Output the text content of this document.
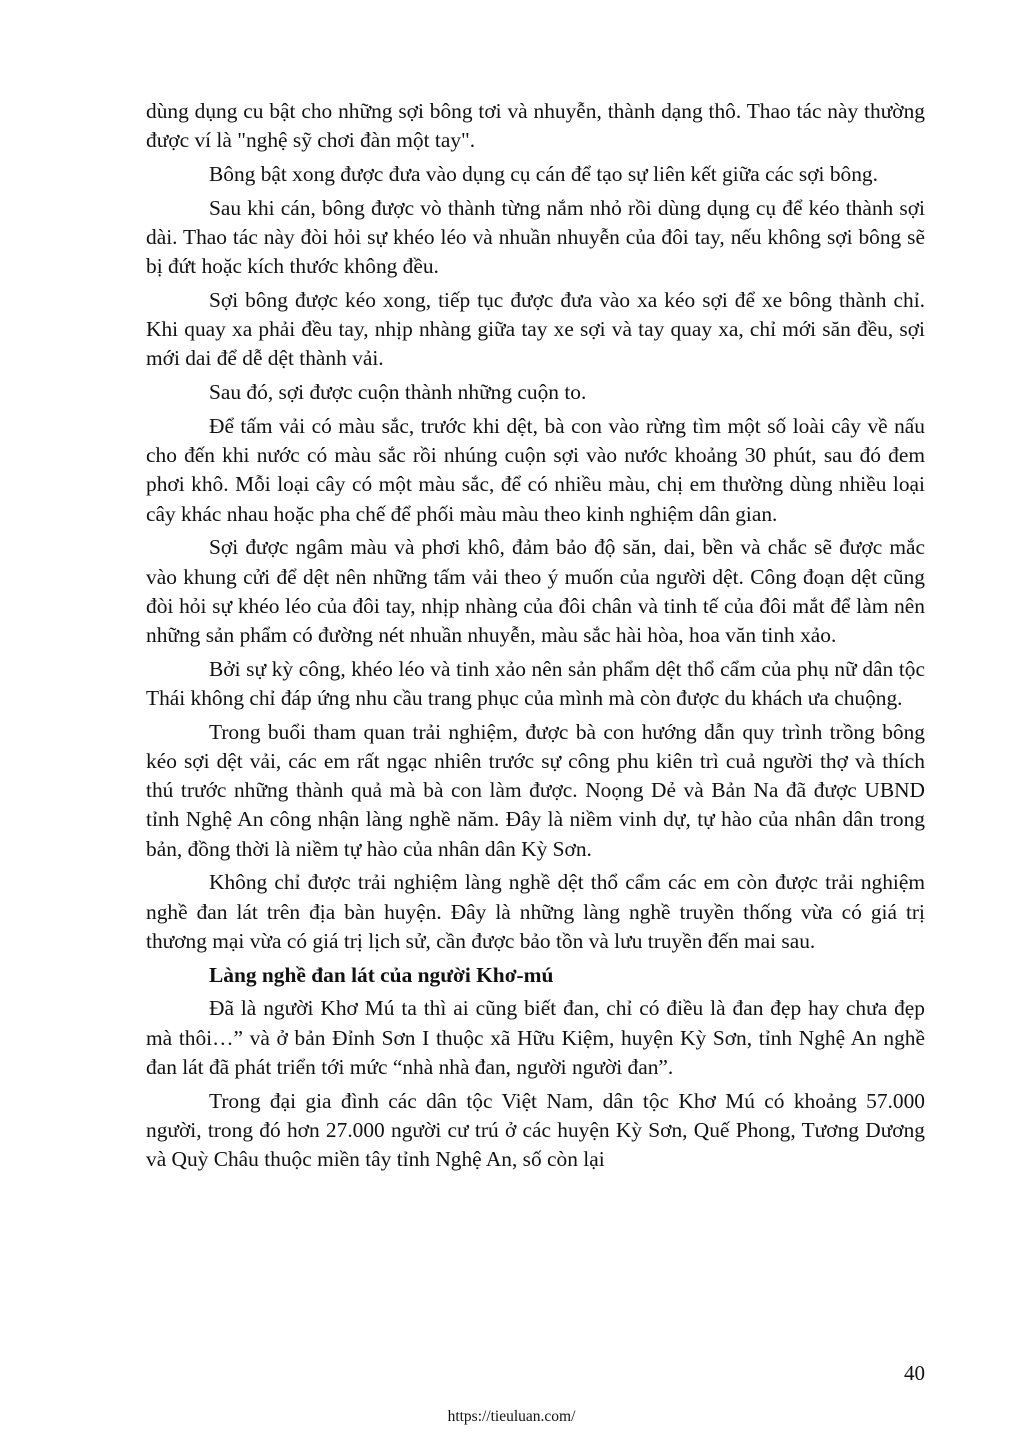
dùng dụng cu bật cho những sợi bông tơi và nhuyễn, thành dạng thô. Thao tác này thường được ví là "nghệ sỹ chơi đàn một tay".

Bông bật xong được đưa vào dụng cụ cán để tạo sự liên kết giữa các sợi bông.

Sau khi cán, bông được vò thành từng nắm nhỏ rồi dùng dụng cụ để kéo thành sợi dài. Thao tác này đòi hỏi sự khéo léo và nhuần nhuyễn của đôi tay, nếu không sợi bông sẽ bị đứt hoặc kích thước không đều.

Sợi bông được kéo xong, tiếp tục được đưa vào xa kéo sợi để xe bông thành chỉ. Khi quay xa phải đều tay, nhịp nhàng giữa tay xe sợi và tay quay xa, chỉ mới săn đều, sợi mới dai để dễ dệt thành vải.

Sau đó, sợi được cuộn thành những cuộn to.

Để tấm vải có màu sắc, trước khi dệt, bà con vào rừng tìm một số loài cây về nấu cho đến khi nước có màu sắc rồi nhúng cuộn sợi vào nước khoảng 30 phút, sau đó đem phơi khô. Mỗi loại cây có một màu sắc, để có nhiều màu, chị em thường dùng nhiều loại cây khác nhau hoặc pha chế để phối màu màu theo kinh nghiệm dân gian.

Sợi được ngâm màu và phơi khô, đảm bảo độ săn, dai, bền và chắc sẽ được mắc vào khung cửi để dệt nên những tấm vải theo ý muốn của người dệt. Công đoạn dệt cũng đòi hỏi sự khéo léo của đôi tay, nhịp nhàng của đôi chân và tinh tế của đôi mắt để làm nên những sản phẩm có đường nét nhuần nhuyễn, màu sắc hài hòa, hoa văn tinh xảo.

Bởi sự kỳ công, khéo léo và tinh xảo nên sản phẩm dệt thổ cẩm của phụ nữ dân tộc Thái không chỉ đáp ứng nhu cầu trang phục của mình mà còn được du khách ưa chuộng.

Trong buổi tham quan trải nghiệm, được bà con hướng dẫn quy trình trồng bông kéo sợi dệt vải, các em rất ngạc nhiên trước sự công phu kiên trì cuả người thợ và thích thú trước những thành quả mà bà con làm được. Noọng Dẻ và Bản Na đã được UBND tỉnh Nghệ An công nhận làng nghề năm. Đây là niềm vinh dự, tự hào của nhân dân trong bản, đồng thời là niềm tự hào của nhân dân Kỳ Sơn.

Không chỉ được trải nghiệm làng nghề dệt thổ cẩm các em còn được trải nghiệm nghề đan lát trên địa bàn huyện. Đây là những làng nghề truyền thống vừa có giá trị thương mại vừa có giá trị lịch sử, cần được bảo tồn và lưu truyền đến mai sau.

Làng nghề đan lát của người Khơ-mú

Đã là người Khơ Mú ta thì ai cũng biết đan, chỉ có điều là đan đẹp hay chưa đẹp mà thôi…” và ở bản Đỉnh Sơn I thuộc xã Hữu Kiệm, huyện Kỳ Sơn, tỉnh Nghệ An nghề đan lát đã phát triển tới mức “nhà nhà đan, người người đan”.

Trong đại gia đình các dân tộc Việt Nam, dân tộc Khơ Mú có khoảng 57.000 người, trong đó hơn 27.000 người cư trú ở các huyện Kỳ Sơn, Quế Phong, Tương Dương và Quỳ Châu thuộc miền tây tỉnh Nghệ An, số còn lại

40
https://tieuluan.com/
